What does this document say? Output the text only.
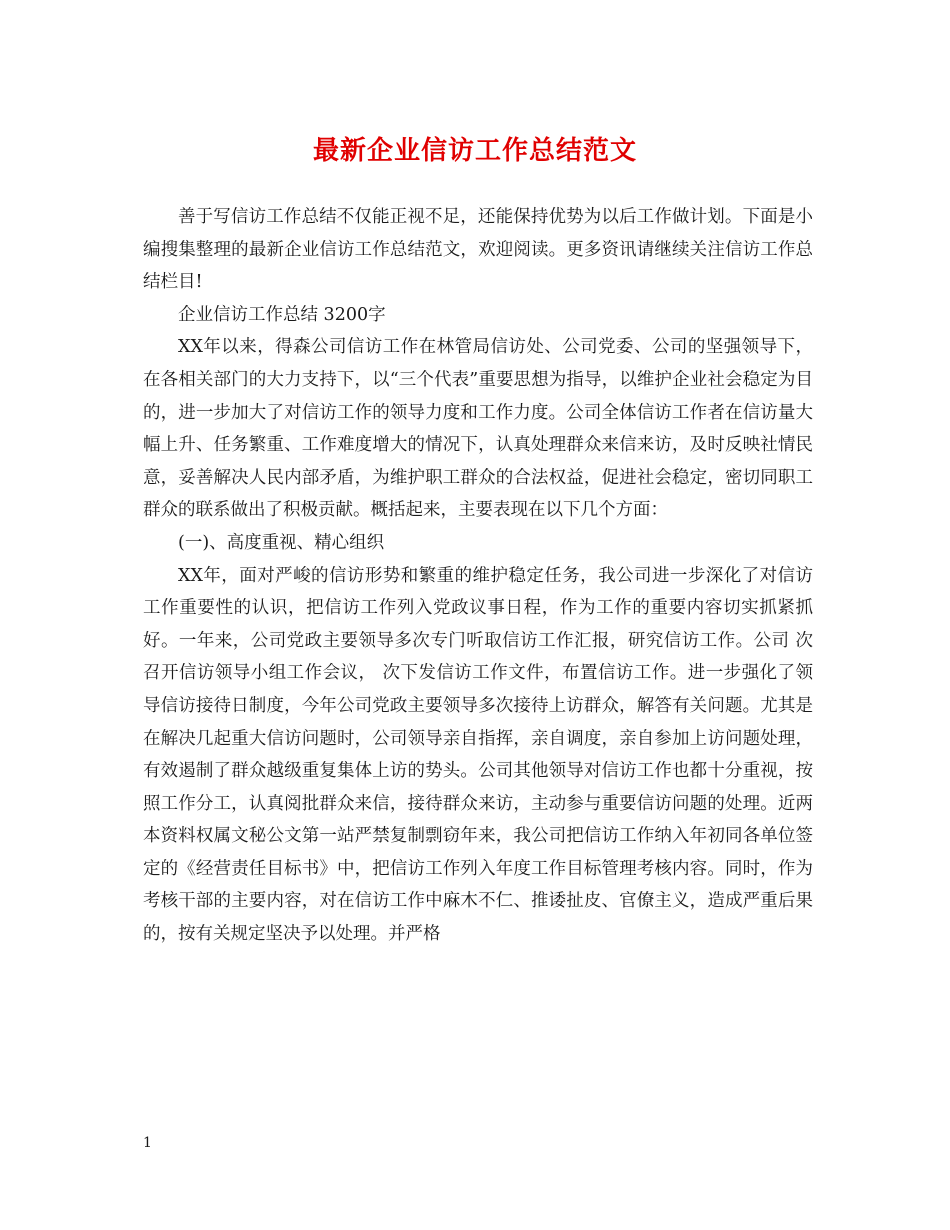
最新企业信访工作总结范文

善于写信访工作总结不仅能正视不足，还能保持优势为以后工作做计划。下面是小编搜集整理的最新企业信访工作总结范文，欢迎阅读。更多资讯请继续关注信访工作总结栏目!

企业信访工作总结 3200字

XX年以来，得森公司信访工作在林管局信访处、公司党委、公司的坚强领导下，在各相关部门的大力支持下，以“三个代表”重要思想为指导，以维护企业社会稳定为目的，进一步加大了对信访工作的领导力度和工作力度。公司全体信访工作者在信访量大幅上升、任务繁重、工作难度增大的情况下，认真处理群众来信来访，及时反映社情民意，妥善解决人民内部矛盾，为维护职工群众的合法权益，促进社会稳定，密切同职工群众的联系做出了积极贡献。概括起来，主要表现在以下几个方面：

(一)、高度重视、精心组织

XX年，面对严峻的信访形势和繁重的维护稳定任务，我公司进一步深化了对信访工作重要性的认识，把信访工作列入党政议事日程，作为工作的重要内容切实抓紧抓好。一年来，公司党政主要领导多次专门听取信访工作汇报，研究信访工作。公司 次召开信访领导小组工作会议， 次下发信访工作文件，布置信访工作。进一步强化了领导信访接待日制度，今年公司党政主要领导多次接待上访群众，解答有关问题。尤其是在解决几起重大信访问题时，公司领导亲自指挥，亲自调度，亲自参加上访问题处理，有效遏制了群众越级重复集体上访的势头。公司其他领导对信访工作也都十分重视，按照工作分工，认真阅批群众来信，接待群众来访，主动参与重要信访问题的处理。近两本资料权属文秘公文第一站严禁复制剽窃年来，我公司把信访工作纳入年初同各单位签定的《经营责任目标书》中，把信访工作列入年度工作目标管理考核内容。同时，作为考核干部的主要内容，对在信访工作中麻木不仁、推诿扯皮、官僚主义，造成严重后果的，按有关规定坚决予以处理。并严格

1
